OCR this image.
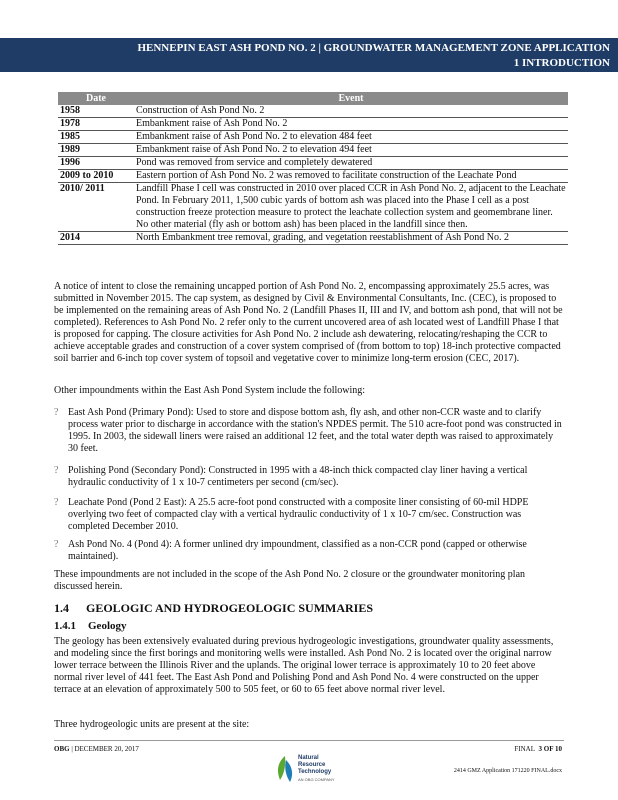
HENNEPIN EAST ASH POND NO. 2 | GROUNDWATER MANAGEMENT ZONE APPLICATION
1 INTRODUCTION
Date	Event
1958	Construction of Ash Pond No. 2
1978	Embankment raise of Ash Pond No. 2
1985	Embankment raise of Ash Pond No. 2 to elevation 484 feet
1989	Embankment raise of Ash Pond No. 2 to elevation 494 feet
1996	Pond was removed from service and completely dewatered
2009 to 2010	Eastern portion of Ash Pond No. 2 was removed to facilitate construction of the Leachate Pond
2010/ 2011	Landfill Phase I cell was constructed in 2010 over placed CCR in Ash Pond No. 2, adjacent to the Leachate Pond. In February 2011, 1,500 cubic yards of bottom ash was placed into the Phase I cell as a post construction freeze protection measure to protect the leachate collection system and geomembrane liner. No other material (fly ash or bottom ash) has been placed in the landfill since then.
2014	North Embankment tree removal, grading, and vegetation reestablishment of Ash Pond No. 2
A notice of intent to close the remaining uncapped portion of Ash Pond No. 2, encompassing approximately 25.5 acres, was submitted in November 2015. The cap system, as designed by Civil & Environmental Consultants, Inc. (CEC), is proposed to be implemented on the remaining areas of Ash Pond No. 2 (Landfill Phases II, III and IV, and bottom ash pond, that will not be completed). References to Ash Pond No. 2 refer only to the current uncovered area of ash located west of Landfill Phase I that is proposed for capping. The closure activities for Ash Pond No. 2 include ash dewatering, relocating/reshaping the CCR to achieve acceptable grades and construction of a cover system comprised of (from bottom to top) 18-inch protective compacted soil barrier and 6-inch top cover system of topsoil and vegetative cover to minimize long-term erosion (CEC, 2017).
Other impoundments within the East Ash Pond System include the following:
? East Ash Pond (Primary Pond): Used to store and dispose bottom ash, fly ash, and other non-CCR waste and to clarify process water prior to discharge in accordance with the station's NPDES permit. The 510 acre-foot pond was constructed in 1995. In 2003, the sidewall liners were raised an additional 12 feet, and the total water depth was raised to approximately 30 feet.
? Polishing Pond (Secondary Pond): Constructed in 1995 with a 48-inch thick compacted clay liner having a vertical hydraulic conductivity of 1 x 10-7 centimeters per second (cm/sec).
? Leachate Pond (Pond 2 East): A 25.5 acre-foot pond constructed with a composite liner consisting of 60-mil HDPE overlying two feet of compacted clay with a vertical hydraulic conductivity of 1 x 10-7 cm/sec. Construction was completed December 2010.
? Ash Pond No. 4 (Pond 4): A former unlined dry impoundment, classified as a non-CCR pond (capped or otherwise maintained).
These impoundments are not included in the scope of the Ash Pond No. 2 closure or the groundwater monitoring plan discussed herein.
1.4 GEOLOGIC AND HYDROGEOLOGIC SUMMARIES
1.4.1 Geology
The geology has been extensively evaluated during previous hydrogeologic investigations, groundwater quality assessments, and modeling since the first borings and monitoring wells were installed. Ash Pond No. 2 is located over the original narrow lower terrace between the Illinois River and the uplands. The original lower terrace is approximately 10 to 20 feet above normal river level of 441 feet. The East Ash Pond and Polishing Pond and Ash Pond No. 4 were constructed on the upper terrace at an elevation of approximately 500 to 505 feet, or 60 to 65 feet above normal river level.
Three hydrogeologic units are present at the site:
OBG | DECEMBER 20, 2017	FINAL 3 OF 10
2414 GMZ Application 171220 FINAL.docx
Natural
Resource
Technology
AN OBG COMPANY
